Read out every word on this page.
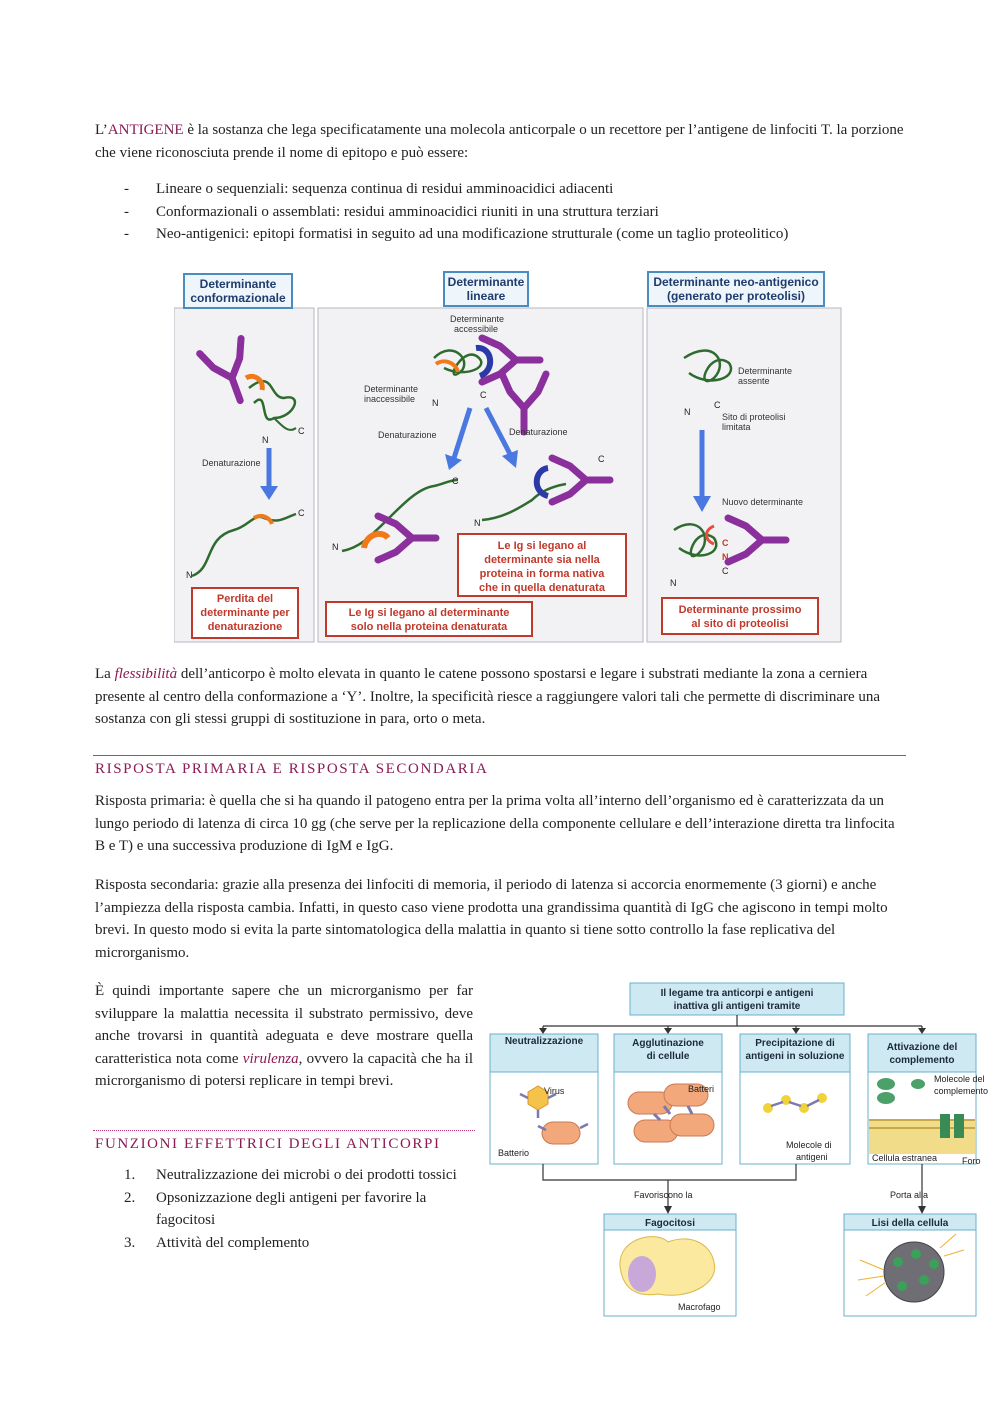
L’ANTIGENE è la sostanza che lega specificatamente una molecola anticorpale o un recettore per l’antigene de linfociti T. la porzione che viene riconosciuta prende il nome di epitopo e può essere:

- Lineare o sequenziali: sequenza continua di residui amminoacidici adiacenti
- Conformazionali o assemblati: residui amminoacidici riuniti in una struttura terziari
- Neo-antigenici: epitopi formatisi in seguito ad una modificazione strutturale (come un taglio proteolitico)
Determinante
conformazionale
N
C
Denaturazione
N
C
Perdita del
determinante per
denaturazione
Determinante
lineare
Determinante
accessibile
Determinante
inaccessibile N
C
Denaturazione	Denaturazione
N
C
N
C
Le Ig si legano al
determinante sia nella
proteina in forma nativa
che in quella denaturata
Le Ig si legano al determinante
solo nella proteina denaturata
Determinante neo-antigenico
(generato per proteolisi)
Determinante
assente
Sito di proteolisi
limitata
N
C
Nuovo determinante
C
N
C
N
Determinante prossimo
al sito di proteolisi

La flessibilità dell’anticorpo è molto elevata in quanto le catene possono spostarsi e legare i substrati mediante la zona a cerniera presente al centro della conformazione a ‘Y’. Inoltre, la specificità riesce a raggiungere valori tali che permette di discriminare una sostanza con gli stessi gruppi di sostituzione in para, orto o meta.

RISPOSTA PRIMARIA E RISPOSTA SECONDARIA

Risposta primaria: è quella che si ha quando il patogeno entra per la prima volta all’interno dell’organismo ed è caratterizzata da un lungo periodo di latenza di circa 10 gg (che serve per la replicazione della componente cellulare e dell’interazione diretta tra linfocita B e T) e una successiva produzione di IgM e IgG.

Risposta secondaria: grazie alla presenza dei linfociti di memoria, il periodo di latenza si accorcia enormemente (3 giorni) e anche l’ampiezza della risposta cambia. Infatti, in questo caso viene prodotta una grandissima quantità di IgG che agiscono in tempi molto brevi. In questo modo si evita la parte sintomatologica della malattia in quanto si tiene sotto controllo la fase replicativa del microrganismo.

È quindi importante sapere che un microrganismo per far sviluppare la malattia necessita il substrato permissivo, deve anche trovarsi in quantità adeguata e deve mostrare quella caratteristica nota come virulenza, ovvero la capacità che ha il microrganismo di potersi replicare in tempi brevi.

FUNZIONI EFFETTRICI DEGLI ANTICORPI
1. Neutralizzazione dei microbi o dei prodotti tossici
2. Opsonizzazione degli antigeni per favorire la fagocitosi
3. Attività del complemento
Il legame tra anticorpi e antigeni
inattiva gli antigeni tramite
Neutralizzazione	Agglutinazione
di cellule
Precipitazione di
antigeni in soluzione
Attivazione del
complemento
Virus
Batterio
Batteri
Molecole di
antigeni
Molecole del
complemento
Cellula estranea	Foro
Favoriscono la	Porta alla
Fagocitosi
Macrofago
Lisi della cellula
